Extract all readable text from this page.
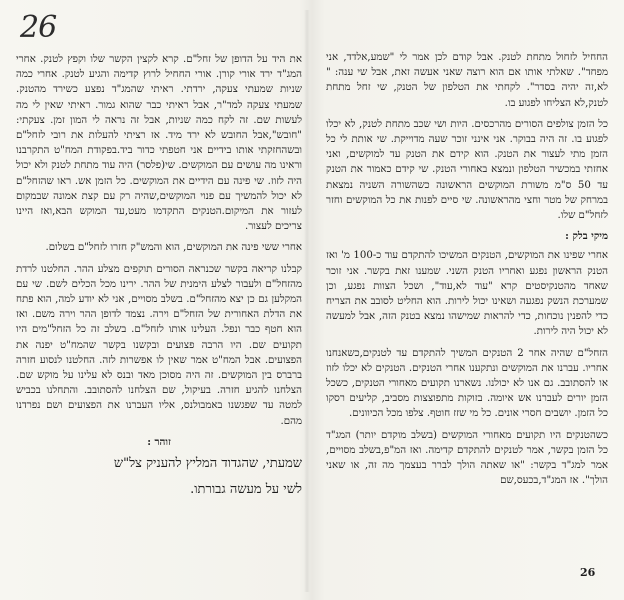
26

את היד על הדופן של זחל"ם. קרא לקצין הקשר שלו וקפץ לטנק. אחרי המג"ד ירד אורי קורן. אורי החחיל לרוץ קדימה והגיע לטנק. אחרי כמה שניות שמעתי צעקה, ירדתי. ראיתי שהמג"ד נפצע כשירד מהטנק. שמעתי צעקה למד"ר, אבל ראיתי כבר שהוא גמור. ראיתי שאין לי מה לעשות שם. זה לקח כמה שניות, אבל זה נראה לי המון זמן. צעקתי: "חובש",אבל החובש לא ירד מיד. אז רציתי להעלות את רובי לזחל"ם ובשהחזקתי אותו בידיים אני חטפתי כדור ביד.בפקודת המח"ט התקרבנו וראינו מה עושים עם המוקשים. שי(פלסר) היה עוד מתחת לטנק ולא יכול היה לזוז. שי פינה עם הידיים את המוקשים. כל הזמן אש. ראו שהזחל"ם לא יכול להמשיך עם פנוי המוקשים,שהיה רק עם קצת אמונה שבמקום לעזור את המיקום.הטנקים התקדמו מעט,עד המוקש הבא,ואז היינו צריכים לעצור.

אחרי ששי פינה את המוקשים, הוא והמש"ק חזרו לזחל"ם בשלום.

קבלנו קריאה בקשר שכנראה הסורים תוקפים מצלע ההר. החלטנו לרדת מהזחל"ם ולעבור לצלע הימנית של ההר. ירינו מכל הכלים לשם. שי עם המקלען גם כן יצא מהזחל"ם. בשלב מסויים, אני לא יודע למה, הוא פתח את הדלת האחורית של הזחל"ם וירה. נצמד לדופן ההר וירה משם. ואז הוא חטף כבר ונפל. העלינו אותו לזחל"ם. בשלב זה כל הזחל"מים היו תקועים שם. היו הרבה פצועים ובקשנו בקשר שהמח"ט יפנה את הפצועים. אבל המח"ט אמר שאין לו אפשרות לזה. החלטנו לנסוע חזרה ברברס בין המוקשים. זה היה מסוכן מאד ובנס לא עלינו על מוקש שם. הצלחנו להגיע חזרה. בעיקול, שם הצלחנו להסתובב. והתחלנו בכביש למטה עד שפגשנו באמבולנס, אליו העברנו את הפצועים ושם נפרדנו מהם.

זוהר :

שמעתי, שהגדוד המליץ להעניק צל"ש

לשי על מעשה גבורתו.

החחיל לזחול מתחת לטנק. אבל קודם לכן אמר לי "שמע,אלדד, אני מפחד". שאלתי אותו אם הוא רוצה שאני אעשה זאת, אבל שי ענה: " לא,זה יהיה בסדר". לקחתי את הטלפון של הטנק, שי זחל מתחת לטנק,לא הצליחו לפגוע בו.

כל הזמן צולפים הסורים מהרכסים. היות ושי שכב מתחת לטנק, לא יכלו לפגוע בו. זה היה בבוקר. אני אינני זוכר שעה מדוייקת. שי אותת לי כל הזמן מתי לעצור את הטנק. הוא קידם את הטנק עד למוקשים, ואני אחזתי במכשיר הטלפון ונמצא באחורי הטנק. שי קידם כאמור את הטנק עד 50 ס"מ משורת המוקשים הראשונה כשהשורה השניה נמצאת במרחק של מטר וחצי מהראשונה. שי סיים לפנות את כל המוקשים וחזר לזחל"ם שלו.

מיקי בלק :

אחרי שפינו את המוקשים, הטנקים המשיכו להתקדם עוד כ-100 מ' ואז הטנק הראשון נפגע ואחריו הטנק השני. שמענו זאת בקשר. אני זוכר שאחד מהטנקיסטים קרא "עוד לא,עוד", ושכל הצוות נפגע, וכן שמערכת הנשק נפגעה ושאינו יכול לירות. הוא החליט לסובב את הצריח כדי להפנין נוכחות, כדי להראות שמישהו נמצא בטנק הזה, אבל למעשה לא יכול היה לירות.

הזחל"ם שהיה אחר 2 הטנקים המשיך להתקדם עד לטנקים,כשאנחנו אחריו. עברנו את המוקשים ונתקענו אחרי הטנקים. הטנקים לא יכלו לזוז או להסתובב. גם אנו לא יכולנו. נשארנו תקועים מאחורי הטנקים, כשכל הזמן יורים לעברנו אש איומה. בזוקות מתפוצצות מסביב, קליעים רסקו כל הזמן. יושבים חסרי אונים. כל מי שזז חוטף. צלפו מכל הכיוונים.

כשהטנקים היו תקועים מאחורי המוקשים (בשלב מוקדם יותר) המג"ד כל הזמן בקשר, אמר לטנקים להתקדם קדימה. ואז המ"פ,בשלב מסויים, אמר למג"ד בקשר: "או שאתה הולך לברר בעצמך מה זה, או שאני הולך". אז המג"ד,בכעס,שם

26
